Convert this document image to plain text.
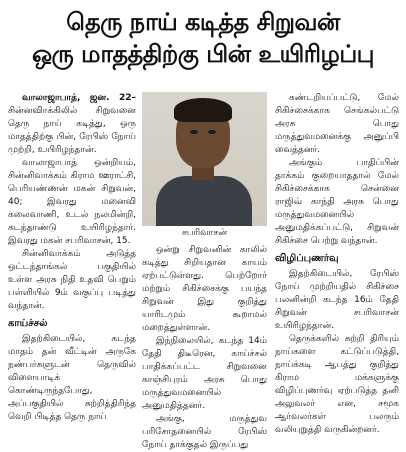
தெரு நாய் கடித்த சிறுவன்
ஒரு மாதத்திற்கு பின் உயிரிழப்பு

வாலாஜாபாத், ஜன. 22– சின்னவிாக்கிலில் சிறுவனை தெரு நாய் கடித்து, ஒரு மாதத்திற்கு பின், ரேபிஸ் நோய் முற்றி, உயிரிழந்தான்.

வாலாஜாபாத் ஒன்றியம், சின்னிவாக்கம் கிராம ஊராட்சி, பெரியண்ணன் மகன் சிறுவன், 40; இவரது மனைவி கலைவாணி, உடல் நலமின்றி, கடந்தாண்டு உயிரிழந்தார். இவரது மகன் சபரிவாசன், 15.

சின்னிவாக்கம் அடுத்த ஒட்டந்தாங்கல் பகுதியில் உள்ள அரசு நிதி உதவி பெறும் பள்ளியில் 9ம் வகுப்பு படித்து வந்தான்.

காய்ச்சல்

இதற்கிடையில், கடந்த மாதம் தன் வீட்டின் அருகே நண்பர்களுடன் தெருவில் விளையாடிக் கொண்டிருந்தபோது, அப்பகுதியில் சுற்றித்திரிந்த வெறி பிடித்த தெரு நாய்

சபரிவாசன்

ஒன்று சிறுவனின் காலில் கடித்து சிறியதான காயம் ஏற்பட்டுள்ளது. பெற்றோர் மற்றும் சிகிச்சைக்கு பயந்த சிறுவன் இது குறித்து யாரிடமும் கூறாமல் மறைத்துள்ளான்.

இந்நிலையில், கடந்த 14ம் தேதி திடீரென, காய்ச்சல் பாதிக்கப்பட்ட சிறுவனை காஞ்சிபுரம் அரசு பொது மருத்துவமனையில் அனுமதித்தனர்.

அங்கு, மருத்துவ பரிசோதனையில் ரேபிஸ் நோய் தாக்குதல் இருப்பது

கண்டறியப்பட்டு, மேல் சிகிச்சைக்காக செங்கல்பட்டு அரசு பொது மருத்துவமனைக்கு அனுப்பி வைத்தனர்.

அங்கும் பாதிப்பின் தாக்கம் குறையாததால் மேல் சிகிச்சைக்காக சென்னை ராஜிவ் காந்தி அரசு பொது மருத்துவமனையில் அனுமதிக்கப்பட்டு, சிறுவன் சிகிச்சை பெற்று வந்தான்.

விழிப்புணர்வு

இதற்கிடையில், ரேபிஸ் நோய் முற்றியதில் சிகிச்சை பலனின்றி கடந்த 16ம் தேதி சிறுவன் சபரிவாசன் உயிரிழந்தான்.

தெருக்களில் சுற்றி திரியும் நாய்களை கட்டுப்படுத்தி, நாய்க்கடி ஆபத்து குறித்து கிராம மக்களுக்கு விழிப்புணர்வு ஏற்படுத்த தனி அலுவலர் என, சமூக ஆர்வலர்கள் பலரும் வலியுறுத்தி வருகின்றனர்.
